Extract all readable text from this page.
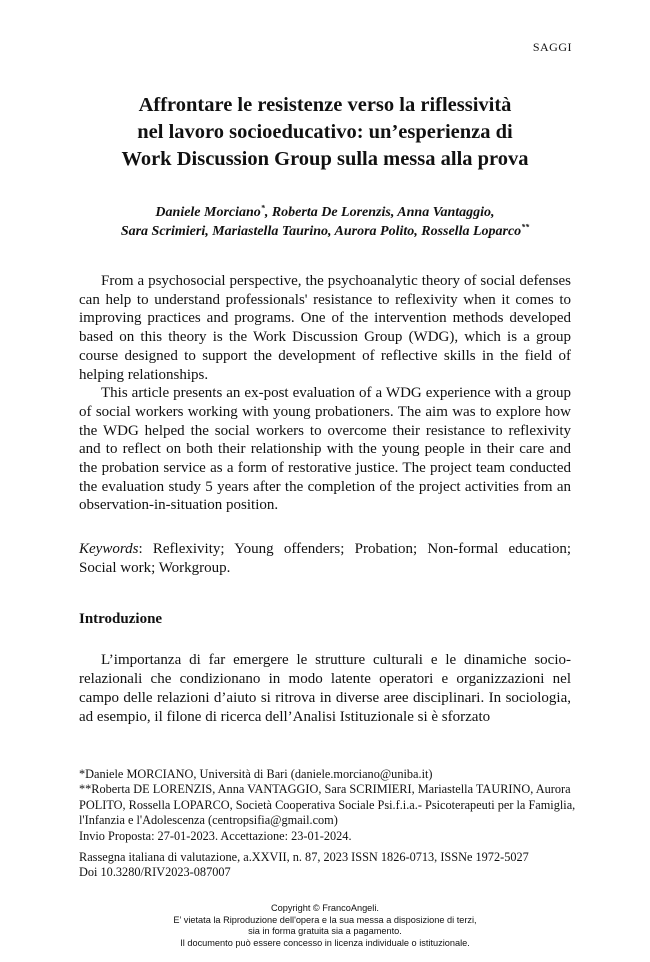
SAGGI
Affrontare le resistenze verso la riflessività
nel lavoro socioeducativo: un’esperienza di
Work Discussion Group sulla messa alla prova
Daniele Morciano*, Roberta De Lorenzis, Anna Vantaggio,
Sara Scrimieri, Mariastella Taurino, Aurora Polito, Rossella Loparco**

From a psychosocial perspective, the psychoanalytic theory of social defenses can help to understand professionals' resistance to reflexivity when it comes to improving practices and programs. One of the intervention methods developed based on this theory is the Work Discussion Group (WDG), which is a group course designed to support the development of reflective skills in the field of helping relationships.

This article presents an ex-post evaluation of a WDG experience with a group of social workers working with young probationers. The aim was to explore how the WDG helped the social workers to overcome their resistance to reflexivity and to reflect on both their relationship with the young people in their care and the probation service as a form of restorative justice. The project team conducted the evaluation study 5 years after the completion of the project activities from an observation-in-situation position.

Keywords: Reflexivity; Young offenders; Probation; Non-formal education; Social work; Workgroup.

Introduzione

L’importanza di far emergere le strutture culturali e le dinamiche socio-relazionali che condizionano in modo latente operatori e organizzazioni nel campo delle relazioni d’aiuto si ritrova in diverse aree disciplinari. In sociologia, ad esempio, il filone di ricerca dell’Analisi Istituzionale si è sforzato

*Daniele MORCIANO, Università di Bari (daniele.morciano@uniba.it)

**Roberta DE LORENZIS, Anna VANTAGGIO, Sara SCRIMIERI, Mariastella TAURINO, Aurora POLITO, Rossella LOPARCO, Società Cooperativa Sociale Psi.f.i.a.- Psicoterapeuti per la Famiglia, l'Infanzia e l'Adolescenza (centropsifia@gmail.com)

Invio Proposta: 27-01-2023. Accettazione: 23-01-2024.

Rassegna italiana di valutazione, a.XXVII, n. 87, 2023 ISSN 1826-0713, ISSNe 1972-5027

Doi 10.3280/RIV2023-087007

Copyright © FrancoAngeli.

E’ vietata la Riproduzione dell'opera e la sua messa a disposizione di terzi,

sia in forma gratuita sia a pagamento.

Il documento può essere concesso in licenza individuale o istituzionale.
